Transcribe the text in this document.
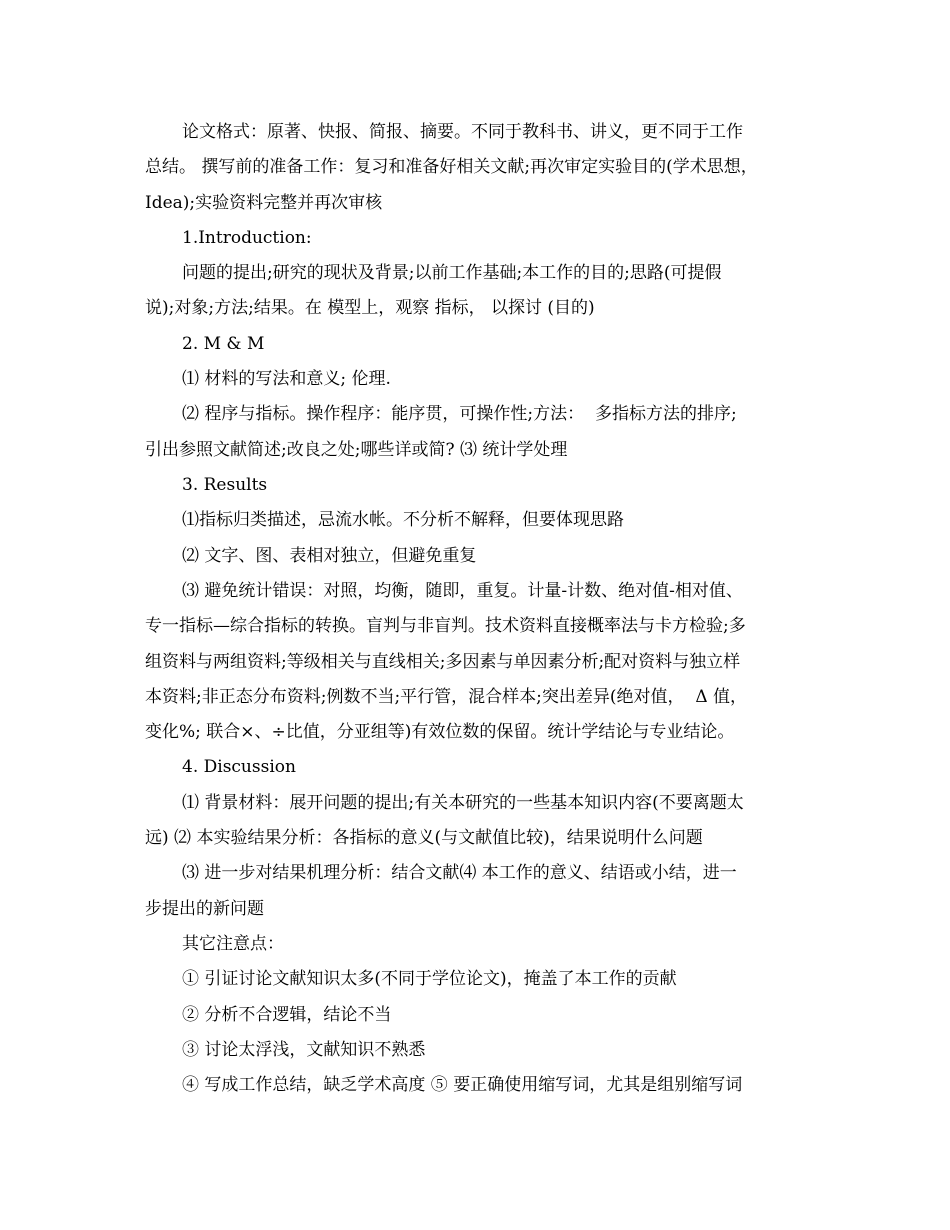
论文格式：原著、快报、简报、摘要。不同于教科书、讲义，更不同于工作
总结。 撰写前的准备工作：复习和准备好相关文献;再次审定实验目的(学术思想，
Idea);实验资料完整并再次审核
1.Introduction:
问题的提出;研究的现状及背景;以前工作基础;本工作的目的;思路(可提假
说);对象;方法;结果。在 模型上，观察 指标， 以探讨 (目的)
2. M & M
⑴ 材料的写法和意义; 伦理.
⑵ 程序与指标。操作程序：能序贯，可操作性;方法：  多指标方法的排序;
引出参照文献简述;改良之处;哪些详或简? ⑶ 统计学处理
3. Results
⑴指标归类描述，忌流水帐。不分析不解释，但要体现思路
⑵ 文字、图、表相对独立，但避免重复
⑶ 避免统计错误：对照，均衡，随即，重复。计量-计数、绝对值-相对值、
专一指标—综合指标的转换。盲判与非盲判。技术资料直接概率法与卡方检验;多
组资料与两组资料;等级相关与直线相关;多因素与单因素分析;配对资料与独立样
本资料;非正态分布资料;例数不当;平行管，混合样本;突出差异(绝对值，  Δ 值，
变化%; 联合×、÷比值，分亚组等)有效位数的保留。统计学结论与专业结论。
4. Discussion
⑴ 背景材料：展开问题的提出;有关本研究的一些基本知识内容(不要离题太
远) ⑵ 本实验结果分析：各指标的意义(与文献值比较)，结果说明什么问题
⑶ 进一步对结果机理分析：结合文献⑷ 本工作的意义、结语或小结，进一
步提出的新问题
其它注意点：
① 引证讨论文献知识太多(不同于学位论文)，掩盖了本工作的贡献
② 分析不合逻辑，结论不当
③ 讨论太浮浅，文献知识不熟悉
④ 写成工作总结，缺乏学术高度 ⑤ 要正确使用缩写词，尤其是组别缩写词
